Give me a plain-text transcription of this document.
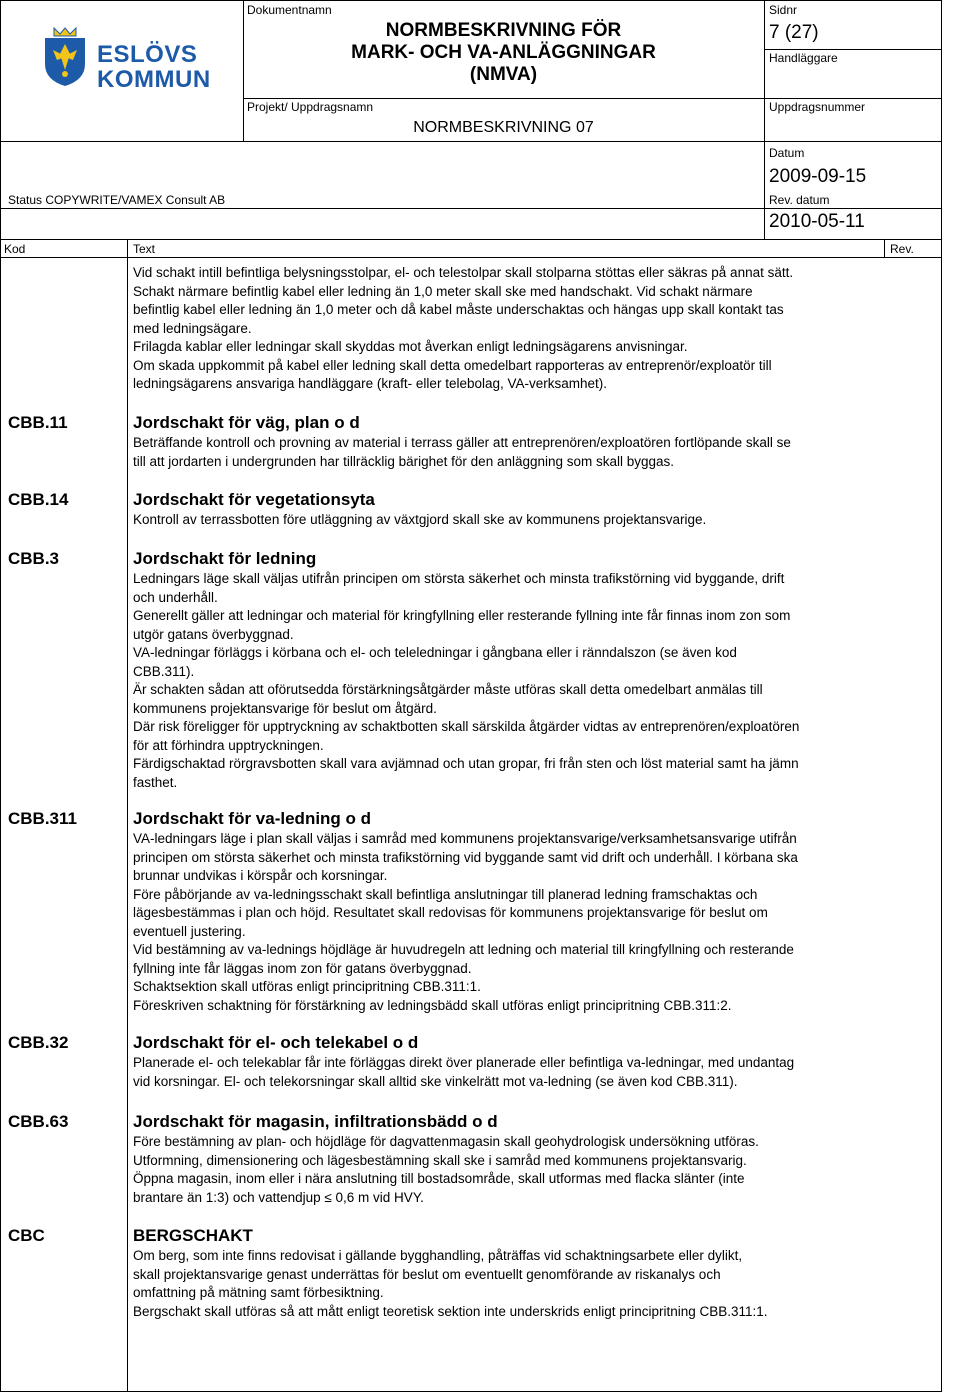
ESLÖVS
KOMMUN
Status COPYWRITE/VAMEX Consult AB
Dokumentnamn
NORMBESKRIVNING FÖR
MARK- OCH VA-ANLÄGGNINGAR
(NMVA)
Projekt/ Uppdragsnamn
NORMBESKRIVNING 07
Sidnr
7 (27)
Handläggare
Uppdragsnummer
Datum
2009-09-15
Rev. datum
2010-05-11
Kod	Text	Rev.
Vid schakt intill befintliga belysningsstolpar, el- och telestolpar skall stolparna stöttas eller säkras på annat sätt.
Schakt närmare befintlig kabel eller ledning än 1,0 meter skall ske med handschakt. Vid schakt närmare
befintlig kabel eller ledning än 1,0 meter och då kabel måste underschaktas och hängas upp skall kontakt tas
med ledningsägare.
Frilagda kablar eller ledningar skall skyddas mot åverkan enligt ledningsägarens anvisningar.
Om skada uppkommit på kabel eller ledning skall detta omedelbart rapporteras av entreprenör/exploatör till
ledningsägarens ansvariga handläggare (kraft- eller telebolag, VA-verksamhet).
CBB.11	Jordschakt för väg, plan o d
Beträffande kontroll och provning av material i terrass gäller att entreprenören/exploatören fortlöpande skall se
till att jordarten i undergrunden har tillräcklig bärighet för den anläggning som skall byggas.
CBB.14	Jordschakt för vegetationsyta
Kontroll av terrassbotten före utläggning av växtgjord skall ske av kommunens projektansvarige.
CBB.3	Jordschakt för ledning
Ledningars läge skall väljas utifrån principen om största säkerhet och minsta trafikstörning vid byggande, drift
och underhåll.
Generellt gäller att ledningar och material för kringfyllning eller resterande fyllning inte får finnas inom zon som
utgör gatans överbyggnad.
VA-ledningar förläggs i körbana och el- och teleledningar i gångbana eller i ränndalszon (se även kod
CBB.311).
Är schakten sådan att oförutsedda förstärkningsåtgärder måste utföras skall detta omedelbart anmälas till
kommunens projektansvarige för beslut om åtgärd.
Där risk föreligger för upptryckning av schaktbotten skall särskilda åtgärder vidtas av entreprenören/exploatören
för att förhindra upptryckningen.
Färdigschaktad rörgravsbotten skall vara avjämnad och utan gropar, fri från sten och löst material samt ha jämn
fasthet.
CBB.311	Jordschakt för va-ledning o d
VA-ledningars läge i plan skall väljas i samråd med kommunens projektansvarige/verksamhetsansvarige utifrån
principen om största säkerhet och minsta trafikstörning vid byggande samt vid drift och underhåll. I körbana ska
brunnar undvikas i körspår och korsningar.
Före påbörjande av va-ledningsschakt skall befintliga anslutningar till planerad ledning framschaktas och
lägesbestämmas i plan och höjd. Resultatet skall redovisas för kommunens projektansvarige för beslut om
eventuell justering.
Vid bestämning av va-lednings höjdläge är huvudregeln att ledning och material till kringfyllning och resterande
fyllning inte får läggas inom zon för gatans överbyggnad.
Schaktsektion skall utföras enligt principritning CBB.311:1.
Föreskriven schaktning för förstärkning av ledningsbädd skall utföras enligt principritning CBB.311:2.
CBB.32	Jordschakt för el- och telekabel o d
Planerade el- och telekablar får inte förläggas direkt över planerade eller befintliga va-ledningar, med undantag
vid korsningar. El- och telekorsningar skall alltid ske vinkelrätt mot va-ledning (se även kod CBB.311).
CBB.63	Jordschakt för magasin, infiltrationsbädd o d
Före bestämning av plan- och höjdläge för dagvattenmagasin skall geohydrologisk undersökning utföras.
Utformning, dimensionering och lägesbestämning skall ske i samråd med kommunens projektansvarig.
Öppna magasin, inom eller i nära anslutning till bostadsområde, skall utformas med flacka slänter (inte
brantare än 1:3) och vattendjup ≤ 0,6 m vid HVY.
CBC	BERGSCHAKT
Om berg, som inte finns redovisat i gällande bygghandling, påträffas vid schaktningsarbete eller dylikt,
skall projektansvarige genast underrättas för beslut om eventuellt genomförande av riskanalys och
omfattning på mätning samt förbesiktning.
Bergschakt skall utföras så att mått enligt teoretisk sektion inte underskrids enligt principritning CBB.311:1.
